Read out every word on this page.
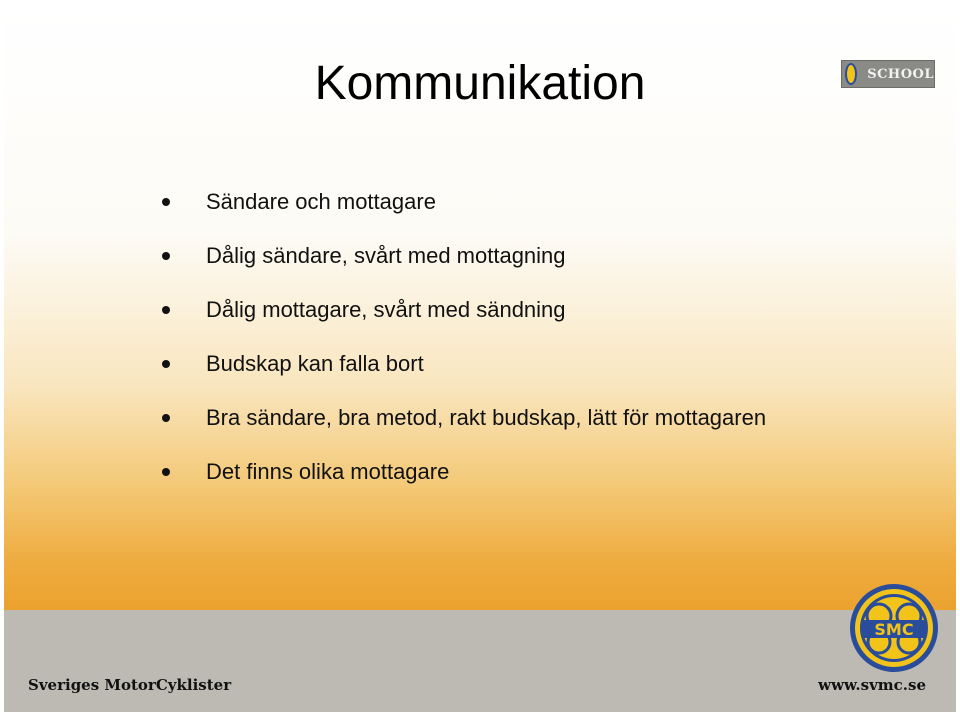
Kommunikation	SCHOOL
Sändare och mottagare
Dålig sändare, svårt med mottagning
Dålig mottagare, svårt med sändning
Budskap kan falla bort
Bra sändare, bra metod, rakt budskap, lätt för mottagaren
Det finns olika mottagare
SMC
Sveriges MotorCyklister	www.svmc.se
